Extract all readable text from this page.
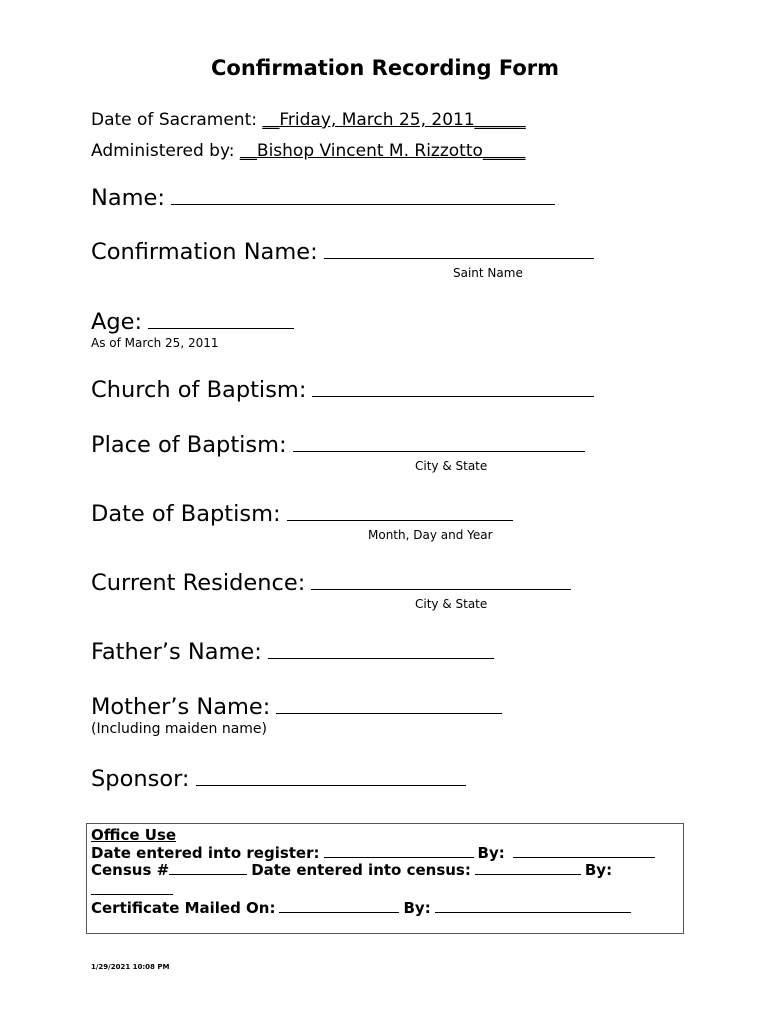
Confirmation Recording Form
Date of Sacrament: __Friday, March 25, 2011______
Administered by: __Bishop Vincent M. Rizzotto_____
Name:
Confirmation Name:
Saint Name
Age:
As of March 25, 2011
Church of Baptism:
Place of Baptism:
City & State
Date of Baptism:
Month, Day and Year
Current Residence:
City & State
Father’s Name:
Mother’s Name:
(Including maiden name)
Sponsor:
Office Use
Date entered into register:	By:
Census #	Date entered into census:	By:
Certificate Mailed On:	By:
1/29/2021 10:08 PM
